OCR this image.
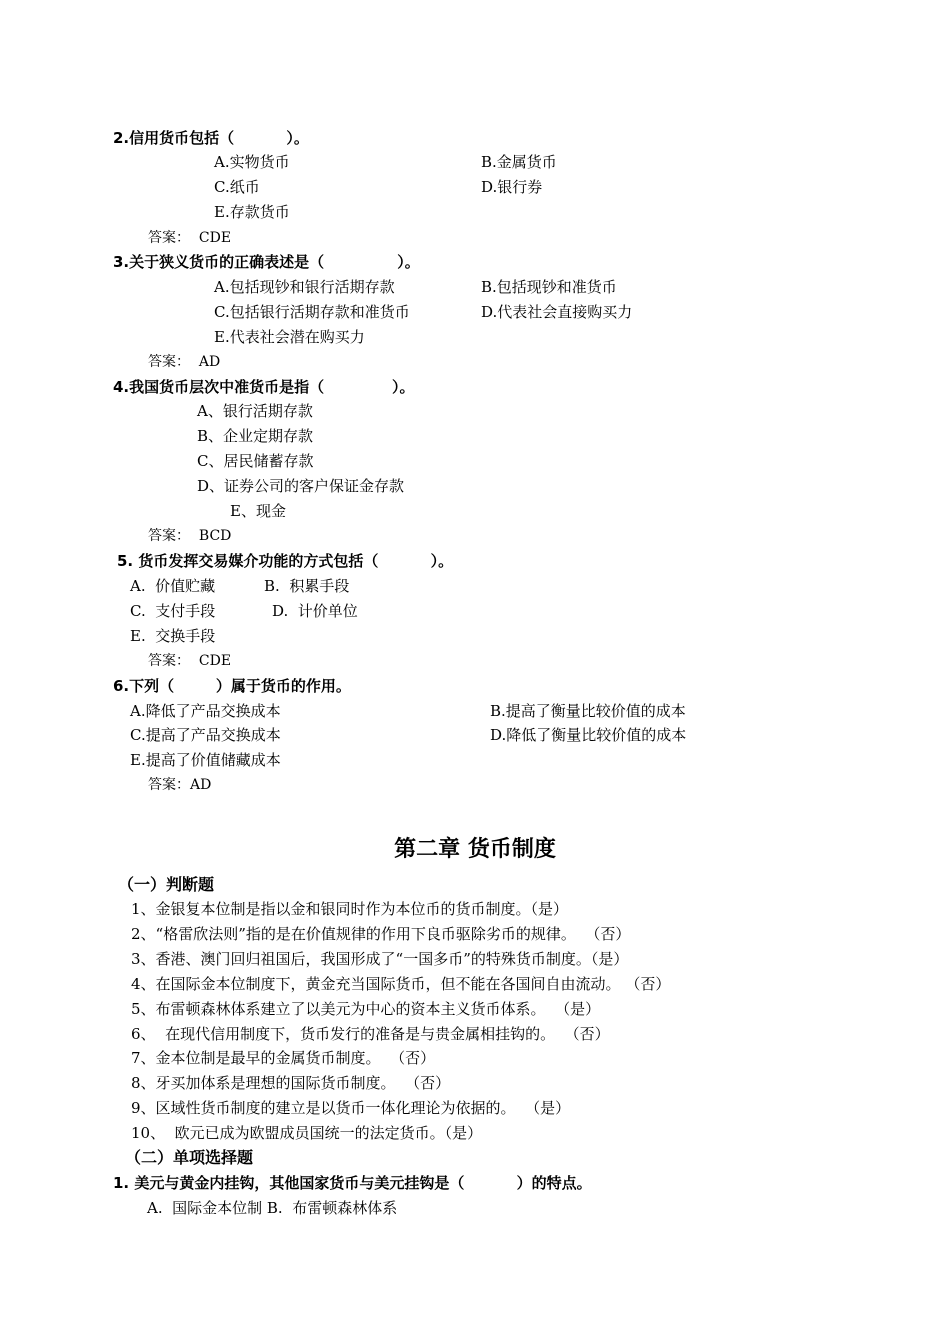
2.信用货币包括（          ）。
A.实物货币	B.金属货币
C.纸币	D.银行券
E.存款货币
答案：  CDE
3.关于狭义货币的正确表述是（              ）。
A.包括现钞和银行活期存款	B.包括现钞和准货币
C.包括银行活期存款和准货币	D.代表社会直接购买力
E.代表社会潜在购买力
答案：  AD
4.我国货币层次中准货币是指（             ）。
A、银行活期存款
B、企业定期存款
C、居民储蓄存款
D、证券公司的客户保证金存款
E、现金
答案：  BCD
5. 货币发挥交易媒介功能的方式包括（          ）。
A.  价值贮藏	B.  积累手段
C.  支付手段	D.  计价单位
E.  交换手段
答案：  CDE
6.下列（        ）属于货币的作用。
A.降低了产品交换成本	B.提高了衡量比较价值的成本
C.提高了产品交换成本	D.降低了衡量比较价值的成本
E.提高了价值储藏成本
答案：AD
第二章 货币制度
（一）判断题
1、金银复本位制是指以金和银同时作为本位币的货币制度。（是）
2、“格雷欣法则”指的是在价值规律的作用下良币驱除劣币的规律。  （否）
3、香港、澳门回归祖国后，我国形成了“一国多币”的特殊货币制度。（是）
4、在国际金本位制度下，黄金充当国际货币，但不能在各国间自由流动。 （否）
5、布雷顿森林体系建立了以美元为中心的资本主义货币体系。  （是）
6、  在现代信用制度下，货币发行的准备是与贵金属相挂钩的。  （否）
7、金本位制是最早的金属货币制度。  （否）
8、牙买加体系是理想的国际货币制度。  （否）
9、区域性货币制度的建立是以货币一体化理论为依据的。  （是）
10、  欧元已成为欧盟成员国统一的法定货币。（是）
（二）单项选择题
1. 美元与黄金内挂钩，其他国家货币与美元挂钩是（          ）的特点。
A.  国际金本位制 B.  布雷顿森林体系
